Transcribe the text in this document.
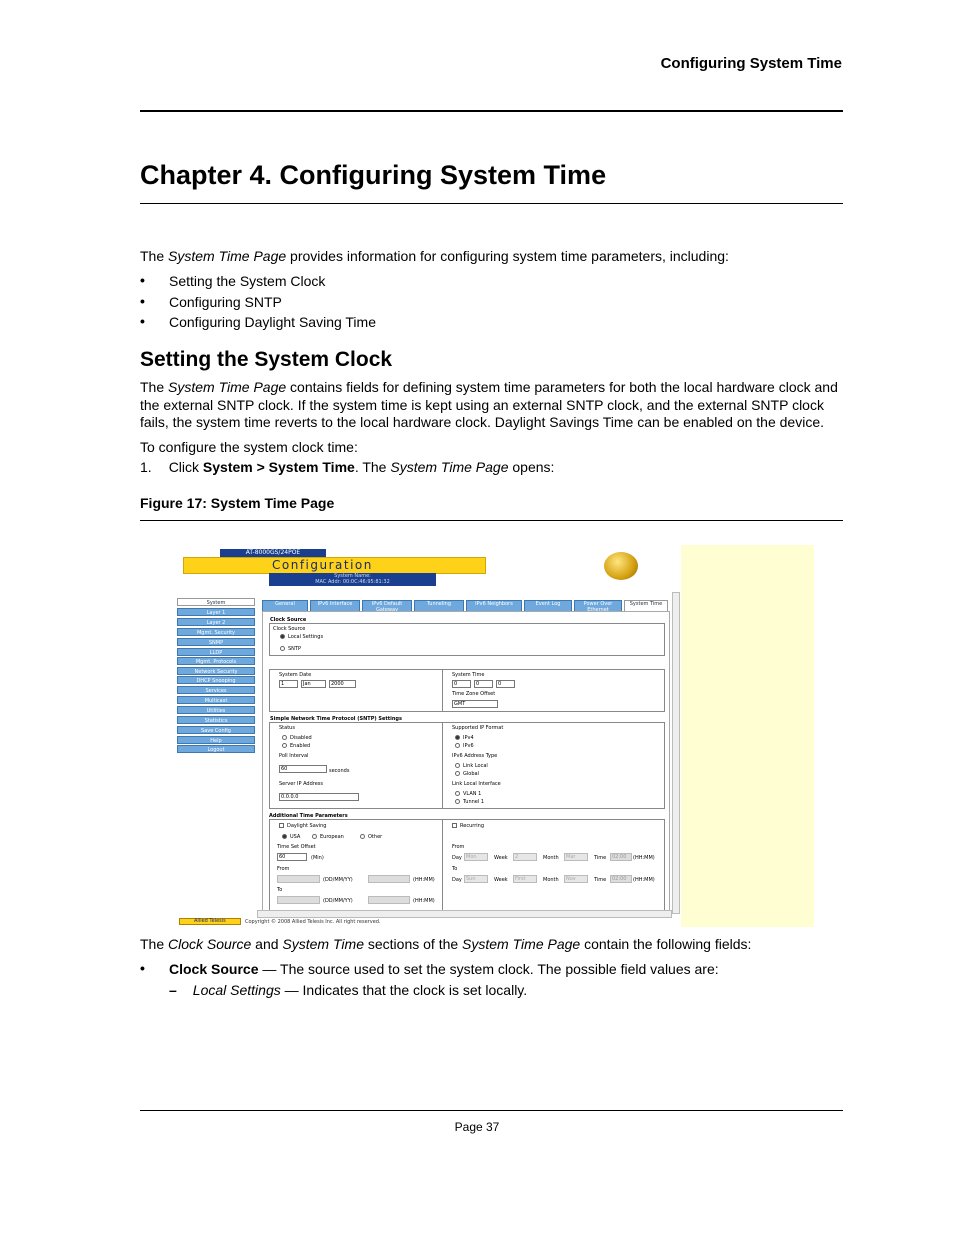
Configuring System Time
Chapter 4. Configuring System Time
The System Time Page provides information for configuring system time parameters, including:
• Setting the System Clock
• Configuring SNTP
• Configuring Daylight Saving Time
Setting the System Clock
The System Time Page contains fields for defining system time parameters for both the local hardware clock and
the external SNTP clock. If the system time is kept using an external SNTP clock, and the external SNTP clock
fails, the system time reverts to the local hardware clock. Daylight Savings Time can be enabled on the device.
To configure the system clock time:
1. Click System > System Time. The System Time Page opens:
Figure 17: System Time Page
AT-8000GS/24POE
Configuration
System Name:
MAC Addr: 00:0C:46:95:81:32
System
Layer 1
Layer 2
Mgmt. Security
SNMP
LLDP
Mgmt. Protocols
Network Security
DHCP Snooping
Services
Multicast
Utilities
Statistics
Save Config
Help
Logout
General	IPv6 Interface	IPv6 Default Gateway
Tunneling	IPv6 Neighbors	Event Log	Power Over Ethernet
System Time
Clock Source
Clock Source
Local Settings
SNTP
System Date
1	Jan	2000
System Time
0	0	0
Time Zone Offset
GMT
Simple Network Time Protocol (SNTP) Settings
Status
Disabled
Enabled
Poll Interval
60	seconds
Server IP Address
0.0.0.0
Supported IP Format
IPv4
IPv6
IPv6 Address Type
Link Local
Global
Link Local Interface
VLAN 1
Tunnel 1
Additional Time Parameters
Daylight Saving
USA	European	Other
Time Set Offset
60	(Min)
From
(DD/MM/YY)	(HH:MM)
To
(DD/MM/YY)	(HH:MM)
Recurring
From
Day Mon	Week	2	Month	Mar	Time	02:00	(HH:MM)
To
Day Sun	Week	First	Month	Nov	Time	02:00	(HH:MM)
Allied Telesis	Copyright © 2008 Allied Telesis Inc. All right reserved.
The Clock Source and System Time sections of the System Time Page contain the following fields:
• Clock Source — The source used to set the system clock. The possible field values are:
– Local Settings — Indicates that the clock is set locally.
Page 37
